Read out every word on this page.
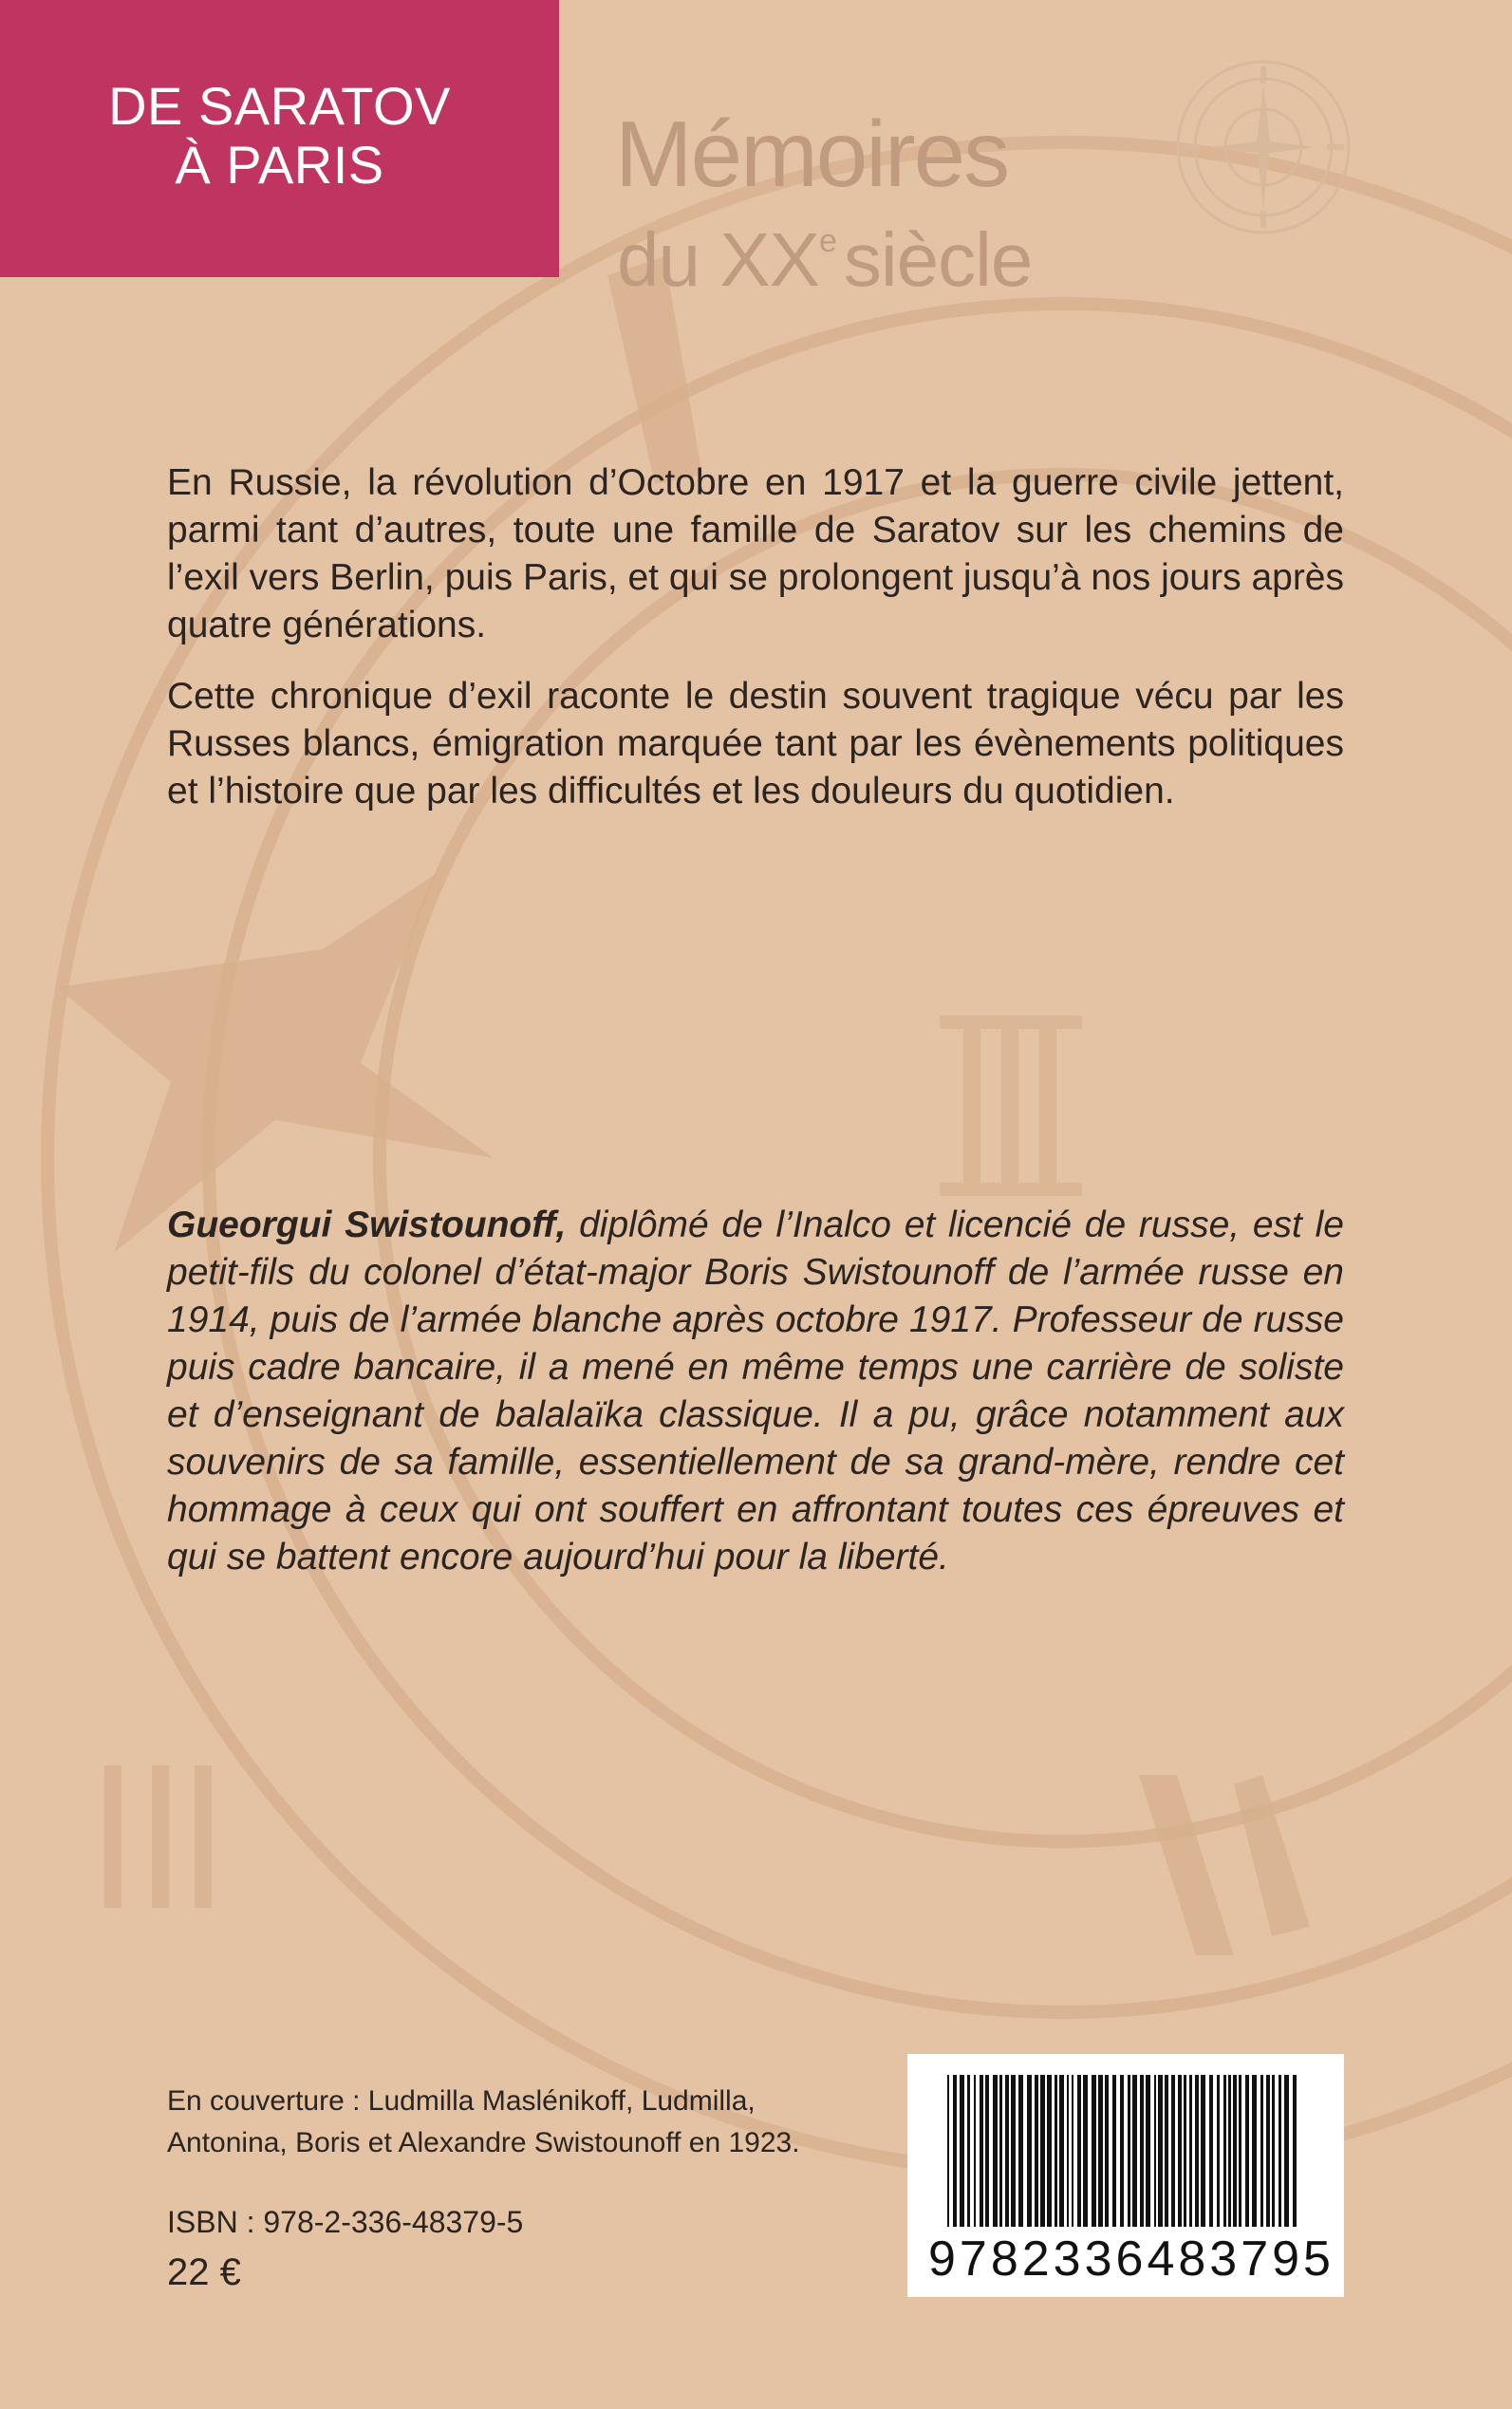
DE SARATOV
À PARIS	Mémoires
du XXe siècle

En Russie, la révolution d’Octobre en 1917 et la guerre civile jettent, parmi tant d’autres, toute une famille de Saratov sur les chemins de l’exil vers Berlin, puis Paris, et qui se prolongent jusqu’à nos jours après quatre générations.

Cette chronique d’exil raconte le destin souvent tragique vécu par les Russes blancs, émigration marquée tant par les évènements politiques et l’histoire que par les difficultés et les douleurs du quotidien.

Gueorgui Swistounoff, diplômé de l’Inalco et licencié de russe, est le petit-fils du colonel d’état-major Boris Swistounoff de l’armée russe en 1914, puis de l’armée blanche après octobre 1917. Professeur de russe puis cadre bancaire, il a mené en même temps une carrière de soliste et d’enseignant de balalaïka classique. Il a pu, grâce notamment aux souvenirs de sa famille, essentiellement de sa grand-mère, rendre cet hommage à ceux qui ont souffert en affrontant toutes ces épreuves et qui se battent encore aujourd’hui pour la liberté.
En couverture : Ludmilla Maslénikoff, Ludmilla,
Antonina, Boris et Alexandre Swistounoff en 1923.
ISBN : 978-2-336-48379-5
22 €	9782336483795
